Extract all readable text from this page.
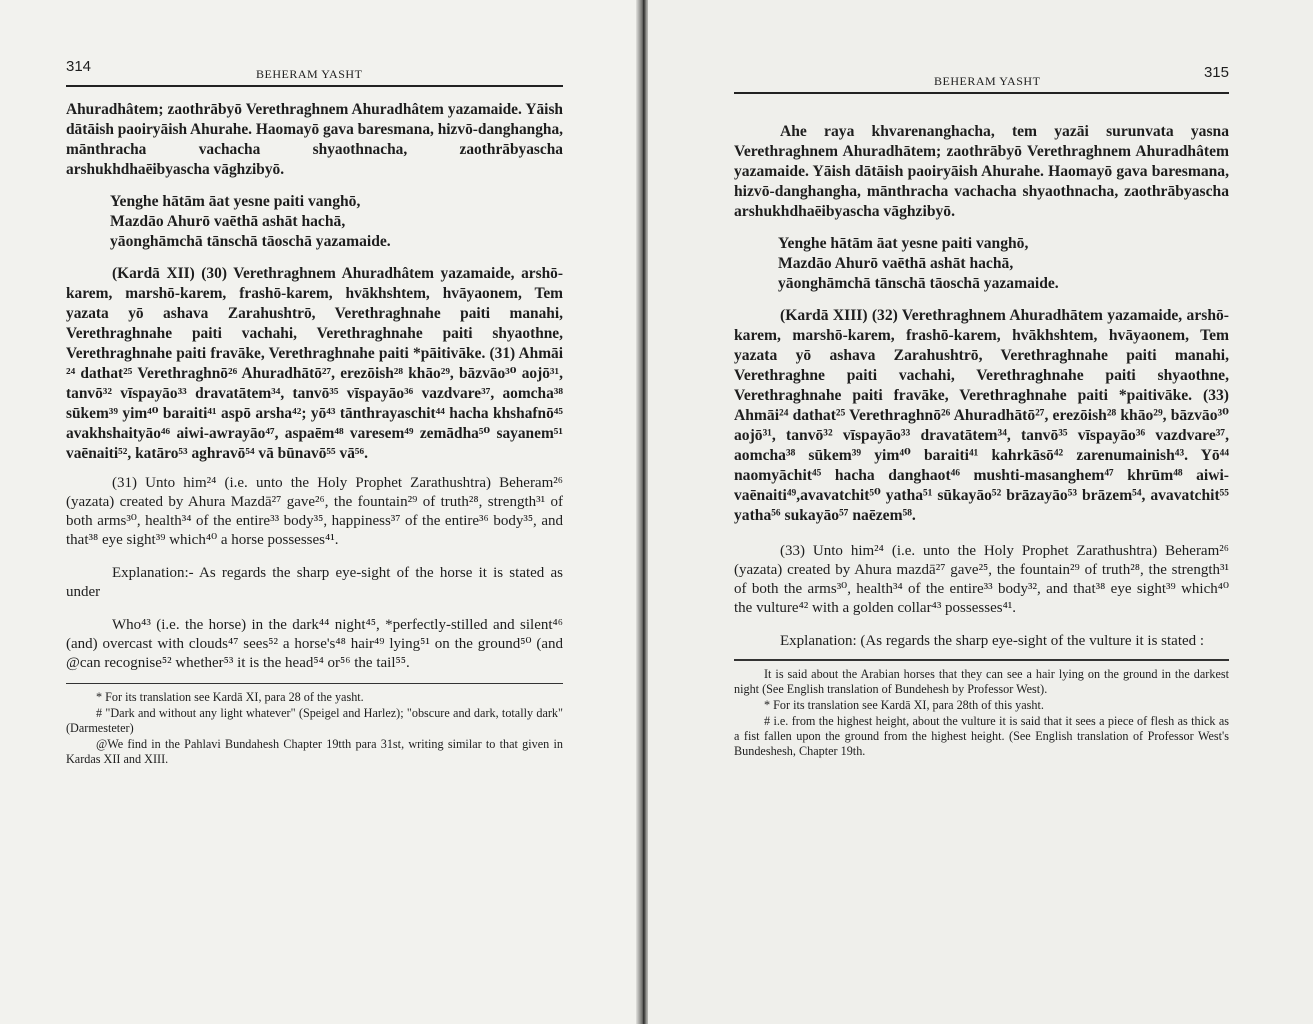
314	BEHERAM YASHT

Ahuradhâtem; zaothrābyō Verethraghnem Ahuradhâtem yazamaide. Yāish dātāish paoiryāish Ahurahe. Haomayō gava baresmana, hizvō-danghangha, mānthracha vachacha shyaothnacha, zaothrābyascha arshukhdhaēibyascha vāghzibyō.

Yenghe hātām āat yesne paiti vanghō,
Mazdāo Ahurō vaēthā ashāt hachā,
yāonghāmchā tānschā tāoschā yazamaide.

(Kardā XII) (30) Verethraghnem Ahuradhâtem yazamaide, arshō-karem, marshō-karem, frashō-karem, hvākhshtem, hvāyaonem, Tem yazata yō ashava Zarahushtrō, Verethraghnahe paiti manahi, Verethraghnahe paiti vachahi, Verethraghnahe paiti shyaothne, Verethraghnahe paiti fravāke, Verethraghnahe paiti *pāitivāke. (31) Ahmāi ²⁴ dathat²⁵ Verethraghnō²⁶ Ahuradhātō²⁷, erezōish²⁸ khāo²⁹, bāzvāo³⁰ aojō³¹, tanvō³² vīspayāo³³ dravatātem³⁴, tanvō³⁵ vīspayāo³⁶ vazdvare³⁷, aomcha³⁸ sūkem³⁹ yim⁴⁰ baraiti⁴¹ aspō arsha⁴²; yō⁴³ tānthrayaschit⁴⁴ hacha khshafnō⁴⁵ avakhshaityāo⁴⁶ aiwi-awrayāo⁴⁷, aspaēm⁴⁸ varesem⁴⁹ zemādha⁵⁰ sayanem⁵¹ vaēnaiti⁵², katāro⁵³ aghravō⁵⁴ vā būnavō⁵⁵ vā⁵⁶.

(31) Unto him²⁴ (i.e. unto the Holy Prophet Zarathushtra) Beheram²⁶ (yazata) created by Ahura Mazdā²⁷ gave²⁶, the fountain²⁹ of truth²⁸, strength³¹ of both arms³⁰, health³⁴ of the entire³³ body³⁵, happiness³⁷ of the entire³⁶ body³⁵, and that³⁸ eye sight³⁹ which⁴⁰ a horse possesses⁴¹.

Explanation:- As regards the sharp eye-sight of the horse it is stated as under

Who⁴³ (i.e. the horse) in the dark⁴⁴ night⁴⁵, *perfectly-stilled and silent⁴⁶ (and) overcast with clouds⁴⁷ sees⁵² a horse's⁴⁸ hair⁴⁹ lying⁵¹ on the ground⁵⁰ (and @can recognise⁵² whether⁵³ it is the head⁵⁴ or⁵⁶ the tail⁵⁵.

* For its translation see Kardā XI, para 28 of the yasht.

# "Dark and without any light whatever" (Speigel and Harlez); "obscure and dark, totally dark" (Darmesteter)

@We find in the Pahlavi Bundahesh Chapter 19tth para 31st, writing similar to that given in Kardas XII and XIII.

BEHERAM YASHT	315

Ahe raya khvarenanghacha, tem yazāi surunvata yasna Verethraghnem Ahuradhātem; zaothrābyō Verethraghnem Ahuradhâtem yazamaide. Yāish dātāish paoiryāish Ahurahe. Haomayō gava baresmana, hizvō-danghangha, mānthracha vachacha shyaothnacha, zaothrābyascha arshukhdhaēibyascha vāghzibyō.

Yenghe hātām āat yesne paiti vanghō,
Mazdāo Ahurō vaēthā ashāt hachā,
yāonghāmchā tānschā tāoschā yazamaide.

(Kardā XIII) (32) Verethraghnem Ahuradhātem yazamaide, arshō-karem, marshō-karem, frashō-karem, hvākhshtem, hvāyaonem, Tem yazata yō ashava Zarahushtrō, Verethraghnahe paiti manahi, Verethraghne paiti vachahi, Verethraghnahe paiti shyaothne, Verethraghnahe paiti fravāke, Verethraghnahe paiti *paitivāke. (33) Ahmāi²⁴ dathat²⁵ Verethraghnō²⁶ Ahuradhātō²⁷, erezōish²⁸ khāo²⁹, bāzvāo³⁰ aojō³¹, tanvō³² vīspayāo³³ dravatātem³⁴, tanvō³⁵ vīspayāo³⁶ vazdvare³⁷, aomcha³⁸ sūkem³⁹ yim⁴⁰ baraiti⁴¹ kahrkāsō⁴² zarenumainish⁴³. Yō⁴⁴ naomyāchit⁴⁵ hacha danghaot⁴⁶ mushti-masanghem⁴⁷ khrūm⁴⁸ aiwi-vaēnaiti⁴⁹,avavatchit⁵⁰ yatha⁵¹ sūkayāo⁵² brāzayāo⁵³ brāzem⁵⁴, avavatchit⁵⁵ yatha⁵⁶ sukayāo⁵⁷ naēzem⁵⁸.

(33) Unto him²⁴ (i.e. unto the Holy Prophet Zarathushtra) Beheram²⁶ (yazata) created by Ahura mazdā²⁷ gave²⁵, the fountain²⁹ of truth²⁸, the strength³¹ of both the arms³⁰, health³⁴ of the entire³³ body³², and that³⁸ eye sight³⁹ which⁴⁰ the vulture⁴² with a golden collar⁴³ possesses⁴¹.

Explanation: (As regards the sharp eye-sight of the vulture it is stated :

It is said about the Arabian horses that they can see a hair lying on the ground in the darkest night (See English translation of Bundehesh by Professor West).

* For its translation see Kardā XI, para 28th of this yasht.

# i.e. from the highest height, about the vulture it is said that it sees a piece of flesh as thick as a fist fallen upon the ground from the highest height. (See English translation of Professor West's Bundeshesh, Chapter 19th.
